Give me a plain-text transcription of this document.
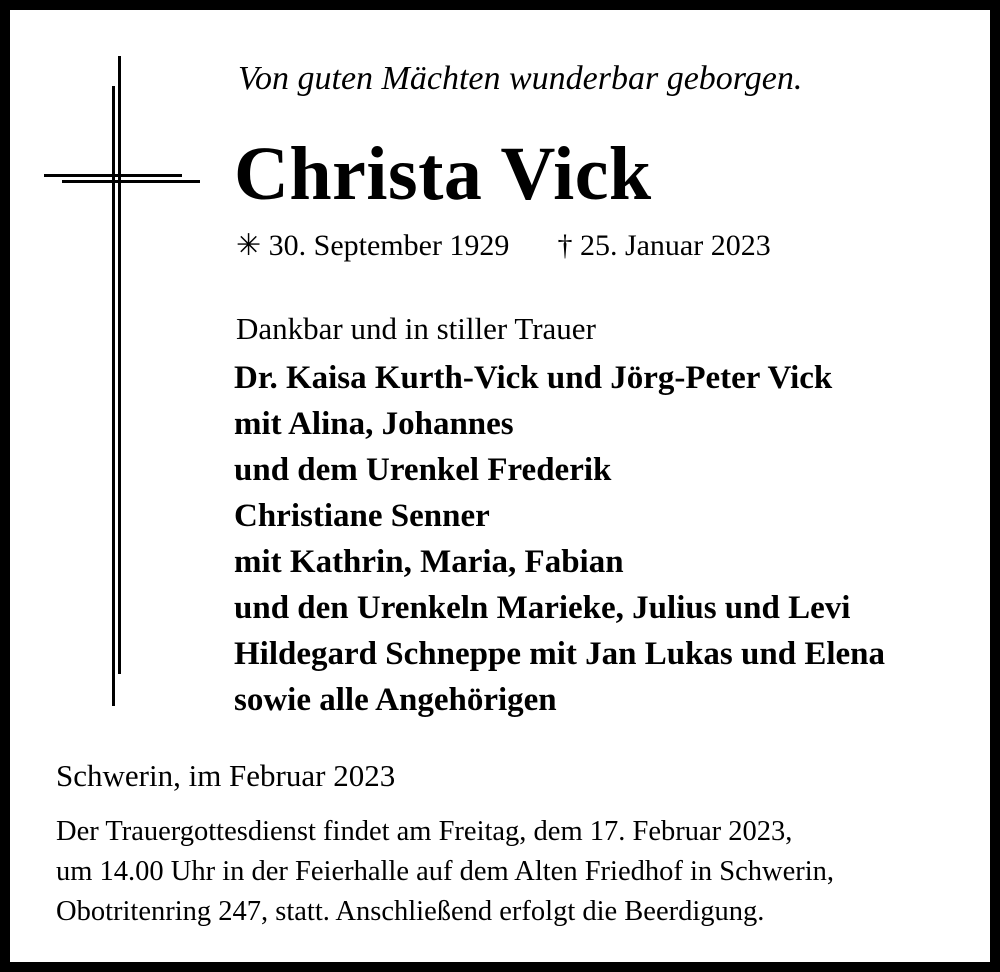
Von guten Mächten wunderbar geborgen.
Christa Vick
✳ 30. September 1929 † 25. Januar 2023
Dankbar und in stiller Trauer
Dr. Kaisa Kurth-Vick und Jörg-Peter Vick
mit Alina, Johannes
und dem Urenkel Frederik
Christiane Senner
mit Kathrin, Maria, Fabian
und den Urenkeln Marieke, Julius und Levi
Hildegard Schneppe mit Jan Lukas und Elena
sowie alle Angehörigen
Schwerin, im Februar 2023
Der Trauergottesdienst findet am Freitag, dem 17. Februar 2023,
um 14.00 Uhr in der Feierhalle auf dem Alten Friedhof in Schwerin,
Obotritenring 247, statt. Anschließend erfolgt die Beerdigung.
